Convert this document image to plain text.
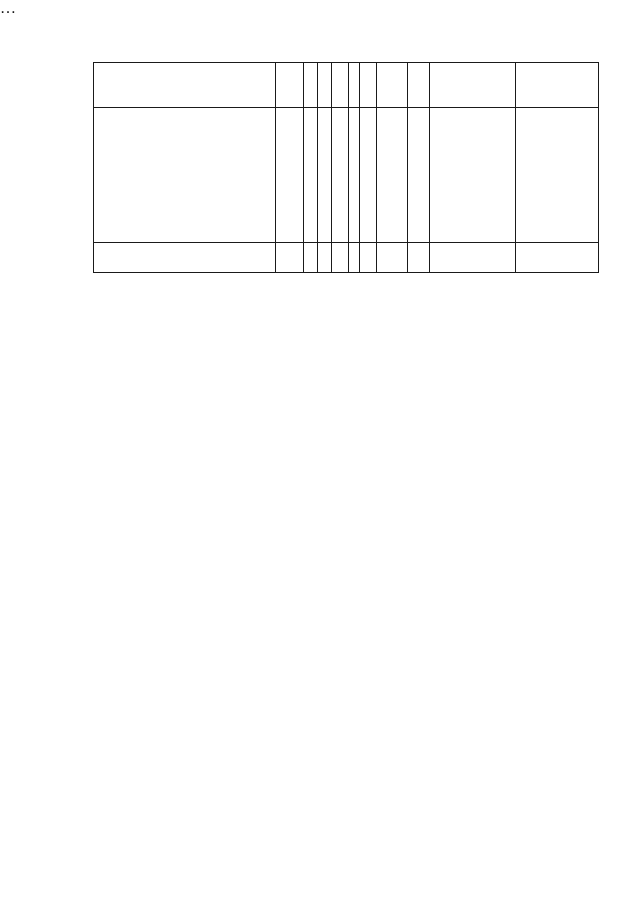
…
